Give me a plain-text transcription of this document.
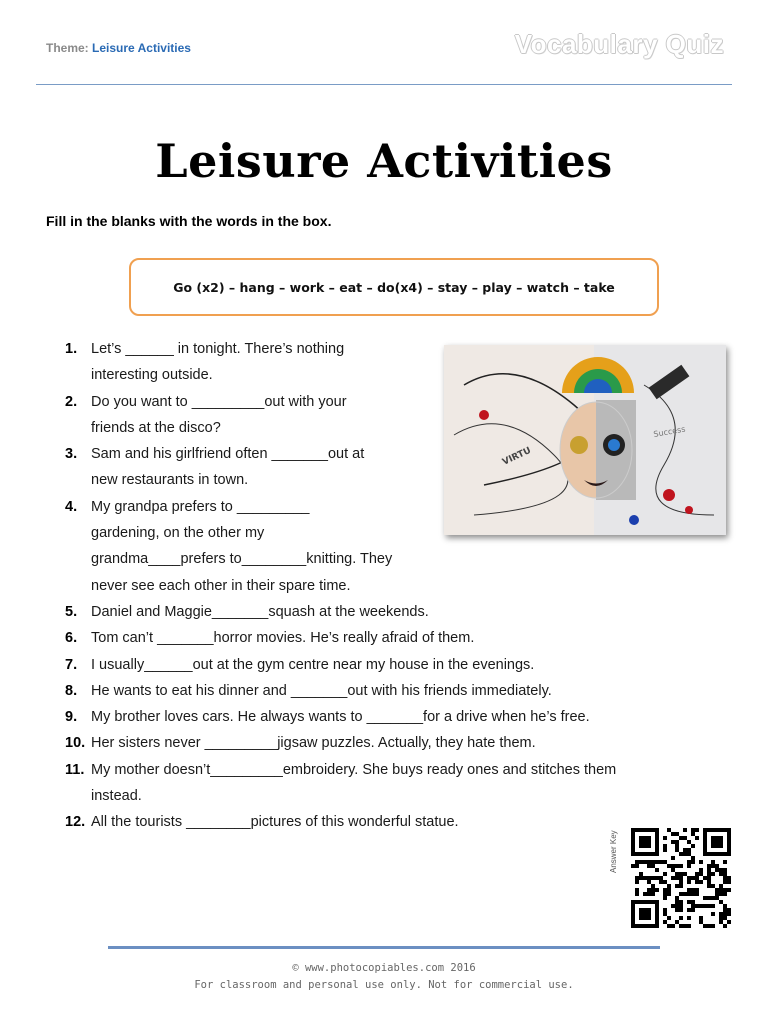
Theme: Leisure Activities	Vocabulary Quiz
Leisure Activities
Fill in the blanks with the words in the box.
Go (x2) – hang – work – eat – do(x4) – stay – play – watch – take
VIRTU
Success
1. Let’s ______ in tonight. There’s nothing
interesting outside.
2. Do you want to _________out with your
friends at the disco?
3. Sam and his girlfriend often _______out at
new restaurants in town.
4. My grandpa prefers to _________
gardening, on the other my
grandma____prefers to________knitting. They
never see each other in their spare time.
5. Daniel and Maggie_______squash at the weekends.
6. Tom can’t _______horror movies. He’s really afraid of them.
7. I usually______out at the gym centre near my house in the evenings.
8. He wants to eat his dinner and _______out with his friends immediately.
9. My brother loves cars. He always wants to _______for a drive when he’s free.
10. Her sisters never _________jigsaw puzzles. Actually, they hate them.
11. My mother doesn’t_________embroidery. She buys ready ones and stitches them
instead.
12. All the tourists ________pictures of this wonderful statue.
Answer Key
© www.photocopiables.com 2016
For classroom and personal use only. Not for commercial use.
